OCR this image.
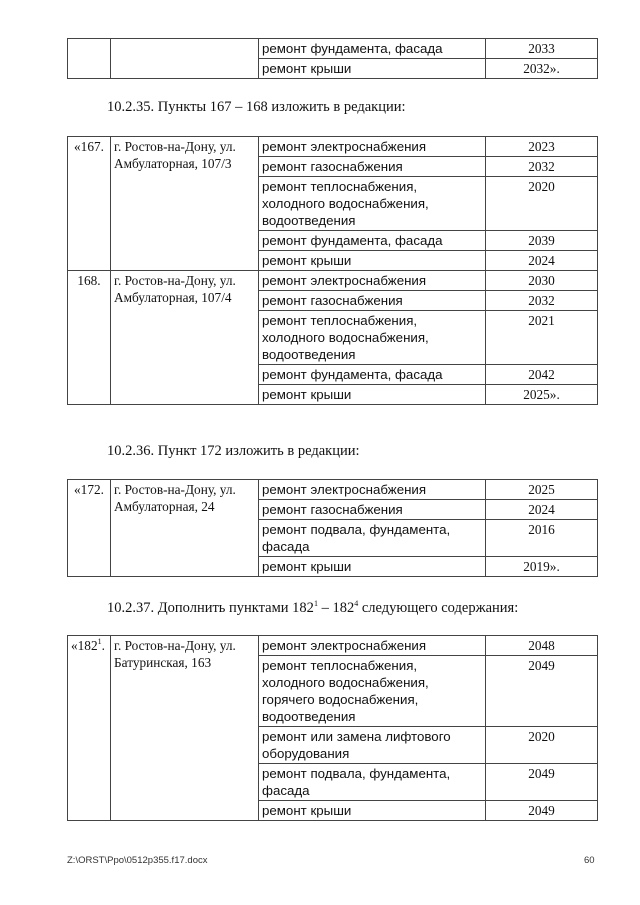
		ремонт фундамента, фасада	2033
		ремонт крыши	2032».
10.2.35. Пункты 167 – 168 изложить в редакции:
«167.	г. Ростов-на-Дону, ул. Амбулаторная, 107/3	ремонт электроснабжения	2023
		ремонт газоснабжения	2032
		ремонт теплоснабжения, холодного водоснабжения, водоотведения	2020
		ремонт фундамента, фасада	2039
		ремонт крыши	2024
168.	г. Ростов-на-Дону, ул. Амбулаторная, 107/4	ремонт электроснабжения	2030
		ремонт газоснабжения	2032
		ремонт теплоснабжения, холодного водоснабжения, водоотведения	2021
		ремонт фундамента, фасада	2042
		ремонт крыши	2025».
10.2.36. Пункт 172 изложить в редакции:
«172.	г. Ростов-на-Дону, ул. Амбулаторная, 24	ремонт электроснабжения	2025
		ремонт газоснабжения	2024
		ремонт подвала, фундамента, фасада	2016
		ремонт крыши	2019».
10.2.37. Дополнить пунктами $182^1 - 182^4$ следующего содержания:
«$182^1$.	г. Ростов-на-Дону, ул. Батуринская, 163	ремонт электроснабжения	2048
		ремонт теплоснабжения, холодного водоснабжения, горячего водоснабжения, водоотведения	2049
		ремонт или замена лифтового оборудования	2020
		ремонт подвала, фундамента, фасада	2049
		ремонт крыши	2049
Z:\ORST\Ppo\0512p355.f17.docx	60
